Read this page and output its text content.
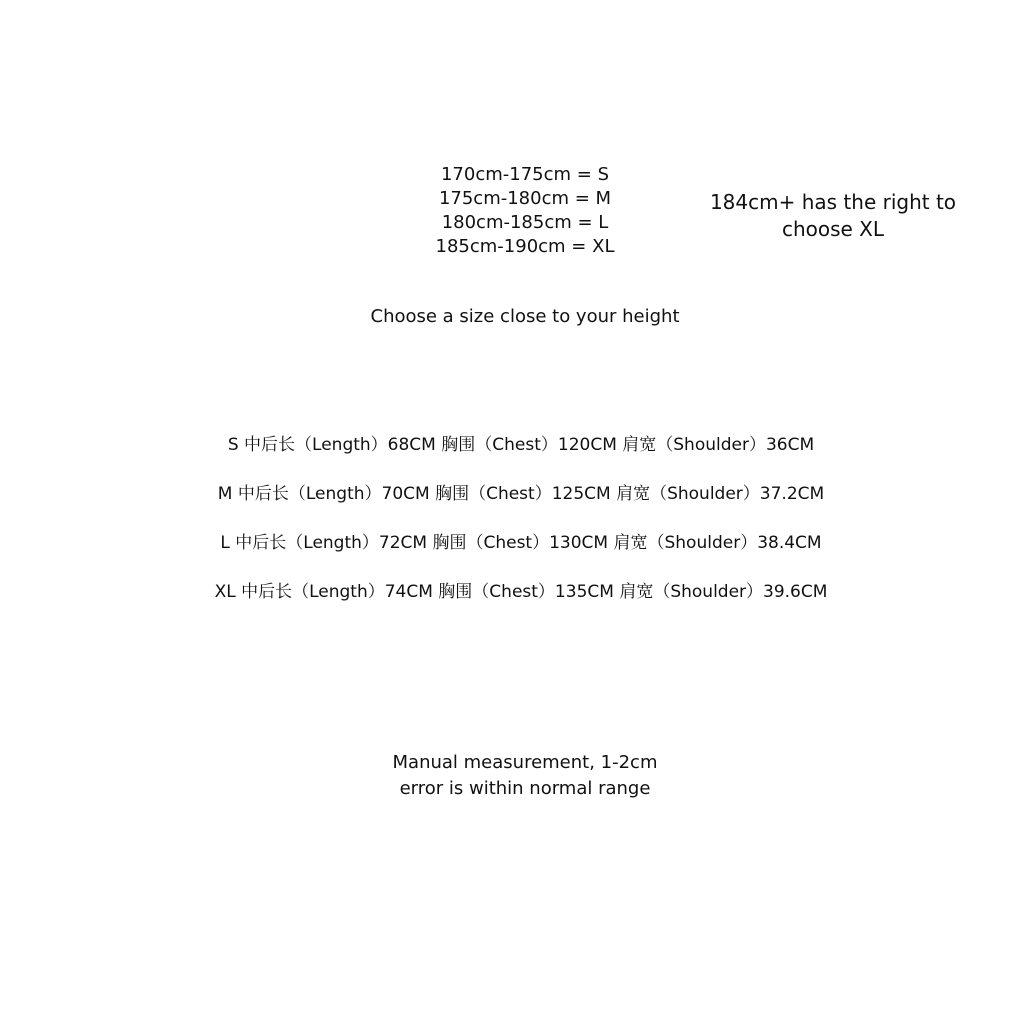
170cm-175cm = S
175cm-180cm = M
180cm-185cm = L
185cm-190cm = XL
184cm+ has the right to
choose XL
Choose a size close to your height
S 中后长（Length）68CM 胸围（Chest）120CM 肩宽（Shoulder）36CM
M 中后长（Length）70CM 胸围（Chest）125CM 肩宽（Shoulder）37.2CM
L 中后长（Length）72CM 胸围（Chest）130CM 肩宽（Shoulder）38.4CM
XL 中后长（Length）74CM 胸围（Chest）135CM 肩宽（Shoulder）39.6CM
Manual measurement, 1-2cm
error is within normal range
